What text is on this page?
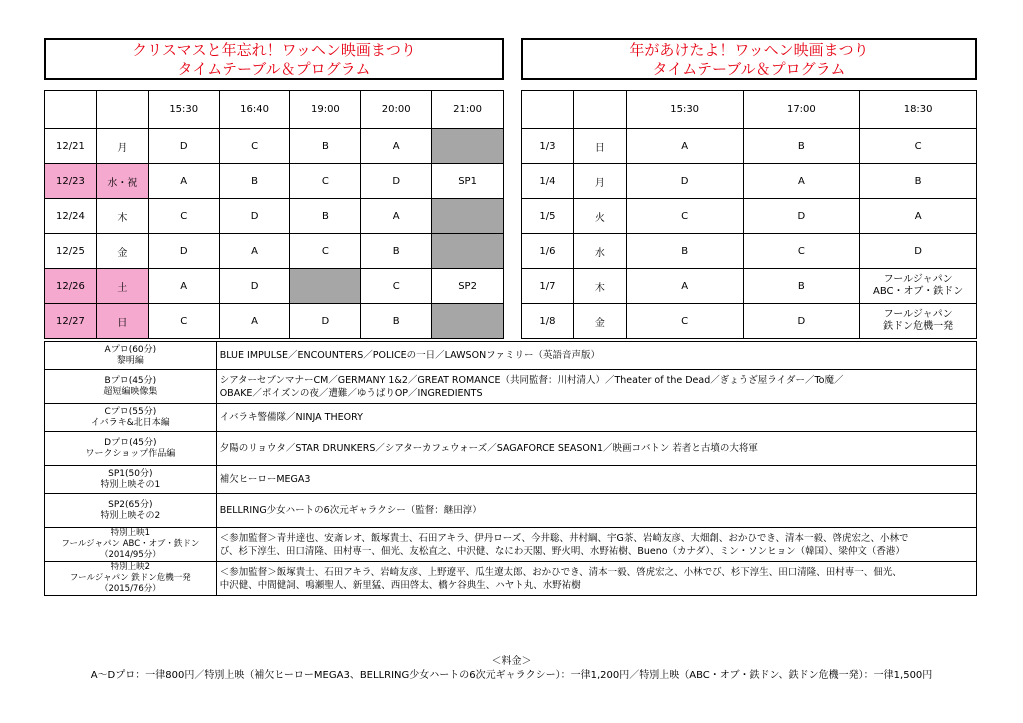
クリスマスと年忘れ！ワッヘン映画まつり
タイムテーブル＆プログラム
年があけたよ！ワッヘン映画まつり
タイムテーブル＆プログラム
		15:30	16:40	19:00	20:00	21:00
12/21	月	D	C	B	A	
12/23	水・祝	A	B	C	D	SP1
12/24	木	C	D	B	A	
12/25	金	D	A	C	B	
12/26	土	A	D		C	SP2
12/27	日	C	A	D	B	
		15:30	17:00	18:30
1/3	日	A	B	C
1/4	月	D	A	B
1/5	火	C	D	A
1/6	水	B	C	D
1/7	木	A	B	フールジャパン
ABC・オブ・鉄ドン
1/8	金	C	D	フールジャパン
鉄ドン危機一発
Aプロ(60分)
黎明編	BLUE IMPULSE／ENCOUNTERS／POLICEの一日／LAWSONファミリー（英語音声版）

Bプロ(45分)
超短編映像集	シアターセブンマナーCM／GERMANY 1&2／GREAT ROMANCE（共同監督：川村清人）／Theater of the Dead／ぎょうざ屋ライダー／To魔／
OBAKE／ポイズンの夜／遭難／ゆうばりOP／INGREDIENTS

Cプロ(55分)
イバラキ&北日本編	イバラキ警備隊／NINJA THEORY

Dプロ(45分)
ワークショップ作品編	夕陽のリョウタ／STAR DRUNKERS／シアターカフェウォーズ／SAGAFORCE SEASON1／映画コバトン 若者と古墳の大将軍

SP1(50分)
特別上映その1	補欠ヒーローMEGA3

SP2(65分)
特別上映その2	BELLRING少女ハートの6次元ギャラクシー（監督：継田淳）

特別上映1
フールジャパン ABC・オブ・鉄ドン
（2014/95分）	＜参加監督＞青井達也、安斎レオ、飯塚貴士、石田アキラ、伊丹ローズ、今井聡、井村綱、宇G茶、岩崎友彦、大畑創、おかひでき、清本一毅、啓虎宏之、小林で
び、杉下淳生、田口清隆、田村専一、佃光、友松直之、中沢健、なにわ天閣、野火明、水野祐樹、Bueno（カナダ）、ミン・ソンヒョン（韓国）、梁仲文（香港）

特別上映2
フールジャパン 鉄ドン危機一発
（2015/76分）	＜参加監督＞飯塚貴士、石田アキラ、岩崎友彦、上野遼平、瓜生遼太郎、おかひでき、清本一毅、啓虎宏之、小林でび、杉下淳生、田口清隆、田村専一、佃光、
中沢健、中間健詞、鳴瀬聖人、新里猛、西田啓太、橋ケ谷典生、ハヤト丸、水野祐樹
＜料金＞
A～Dプロ：一律800円／特別上映（補欠ヒーローMEGA3、BELLRING少女ハートの6次元ギャラクシー）：一律1,200円／特別上映（ABC・オブ・鉄ドン、鉄ドン危機一発）：一律1,500円
